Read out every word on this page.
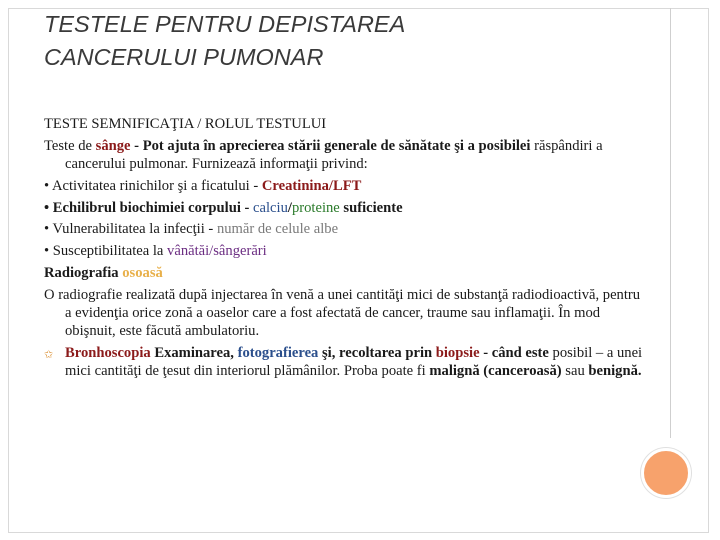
TESTELE PENTRU DEPISTAREA
CANCERULUI PUMONAR

TESTE SEMNIFICAŢIA / ROLUL TESTULUI

Teste de sânge - Pot ajuta în aprecierea stării generale de sănătate şi a posibilei răspândiri a cancerului pulmonar. Furnizează informaţii privind:

• Activitatea rinichilor şi a ficatului - Creatinina/LFT

• Echilibrul biochimiei corpului - calciu/proteine suficiente

• Vulnerabilitatea la infecţii - număr de celule albe

• Susceptibilitatea la vânătăi/sângerări

Radiografia osoasă

O radiografie realizată după injectarea în venă a unei cantităţi mici de substanţă radiodioactivă, pentru a evidenţia orice zonă a oaselor care a fost afectată de cancer, traume sau inflamaţii. În mod obişnuit, este făcută ambulatoriu.

✩ Bronhoscopia Examinarea, fotografierea şi, recoltarea prin biopsie - când este posibil – a unei mici cantităţi de ţesut din interiorul plămânilor. Proba poate fi malignă (canceroasă) sau benignă.
